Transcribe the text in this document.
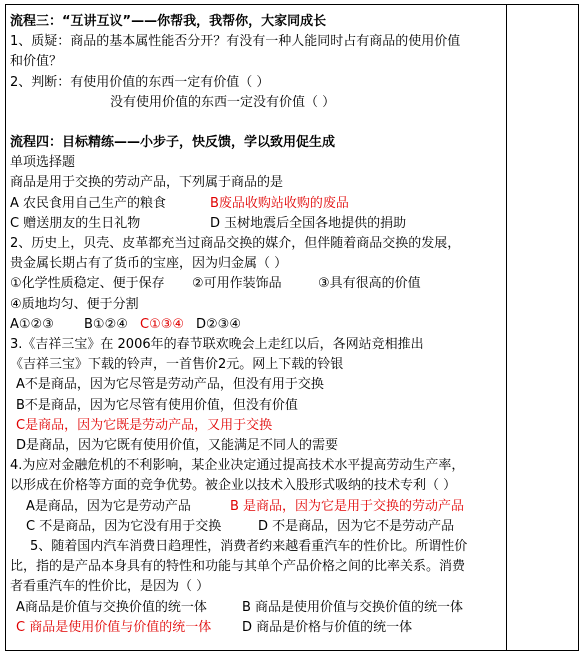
流程三：“互讲互议”——你帮我，我帮你，大家同成长
1、质疑：商品的基本属性能否分开？有没有一种人能同时占有商品的使用价值
和价值？
2、判断：有使用价值的东西一定有价值（ ）
没有使用价值的东西一定没有价值（ ）
流程四：目标精练——小步子，快反馈，学以致用促生成
单项选择题
商品是用于交换的劳动产品，下列属于商品的是
A 农民食用自己生产的粮食	B废品收购站收购的废品
C 赠送朋友的生日礼物	D 玉树地震后全国各地提供的捐助
2、历史上，贝壳、皮革都充当过商品交换的媒介，但伴随着商品交换的发展，
贵金属长期占有了货币的宝座，因为归金属（ ）
①化学性质稳定、便于保存 ②可用作装饰品	③具有很高的价值
④质地均匀、便于分割
A①②③ B①②④ C①③④ D②③④
3.《吉祥三宝》在 2006年的春节联欢晚会上走红以后，各网站竞相推出
《吉祥三宝》下载的铃声，一首售价2元。网上下载的铃银
A不是商品，因为它尽管是劳动产品，但没有用于交换
B不是商品，因为它尽管有使用价值，但没有价值
C是商品，因为它既是劳动产品，又用于交换
D是商品，因为它既有使用价值，又能满足不同人的需要
4.为应对金融危机的不利影响，某企业决定通过提高技术水平提高劳动生产率，
以形成在价格等方面的竞争优势。被企业以技术入股形式吸纳的技术专利（ ）
A是商品，因为它是劳动产品	B 是商品，因为它是用于交换的劳动产品
C 不是商品，因为它没有用于交换	D 不是商品，因为它不是劳动产品
5、随着国内汽车消费日趋理性，消费者约来越看重汽车的性价比。所谓性价
比，指的是产品本身具有的特性和功能与其单个产品价格之间的比率关系。消费
者看重汽车的性价比，是因为（ ）
A商品是价值与交换价值的统一体	B 商品是使用价值与交换价值的统一体
C 商品是使用价值与价值的统一体 D 商品是价格与价值的统一体
